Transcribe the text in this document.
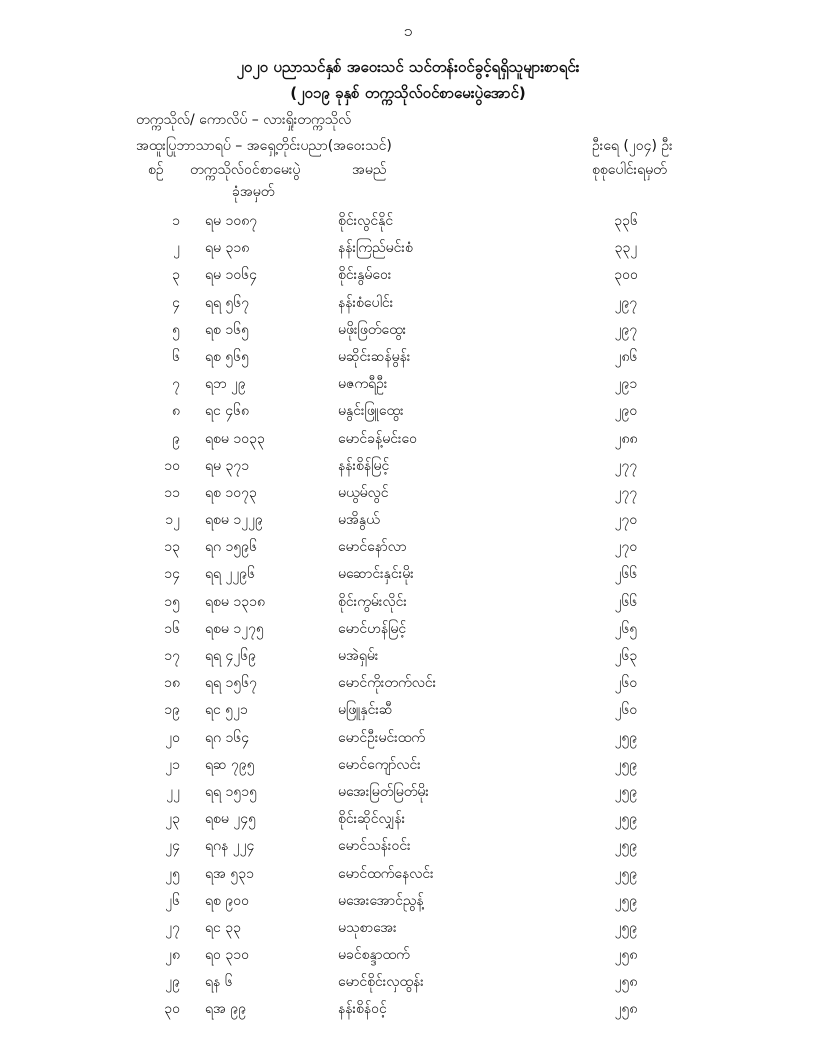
၁
၂၀၂၀ ပညာသင်နှစ် အဝေးသင် သင်တန်းဝင်ခွင့်ရရှိသူများစာရင်း
(၂၀၁၉ ခုနှစ် တက္ကသိုလ်ဝင်စာမေးပွဲအောင်)
တက္ကသိုလ်/ ကောလိပ် – လားရှိုးတက္ကသိုလ်
အထူးပြုဘာသာရပ် – အရှေ့တိုင်းပညာ(အဝေးသင်)	ဦးရေ (၂၀၄) ဦး
စဉ် တက္ကသိုလ်ဝင်စာမေးပွဲ
ခုံအမှတ်
အမည်	စုစုပေါင်းရမှတ်
၁ ရမ ၁၀၈၇	စိုင်းလွင်နိုင်	၃၃၆
၂ ရမ ၃၁၈	နန်းကြည်မင်းစံ	၃၃၂
၃ ရမ ၁၀၆၄	စိုင်းနွမ်ဝေး	၃၀၀
၄ ရရ ၅၆၇	နန်းစံပေါင်း	၂၉၇
၅ ရစ ၁၆၅	မဖိုးဖြတ်ထွေး	၂၉၇
၆ ရစ ၅၆၅	မဆိုင်းဆန်မွန်း	၂၈၆
၇ ရဘ ၂၉	မဇကရီဦး	၂၉၁
၈ ရင ၄၆၈	မနွင်းဖြူထွေး	၂၉၀
၉ ရစမ ၁၀၃၃	မောင်ခန့်မင်းဝေ	၂၈၈
၁၀ ရမ ၃၇၁	နန်းစိန်မြင့်	၂၇၇
၁၁ ရစ ၁၀၇၃	မယွမ်လွင်	၂၇၇
၁၂ ရစမ ၁၂၂၉	မအိနွယ်	၂၇၀
၁၃ ရဂ ၁၅၉၆	မောင်နော်လာ	၂၇၀
၁၄ ရရ ၂၂၉၆	မဆောင်းနှင်းမိုး	၂၆၆
၁၅ ရစမ ၁၃၁၈	စိုင်းကွမ်းလိုင်း	၂၆၆
၁၆ ရစမ ၁၂၇၅	မောင်ဟန်မြင့်	၂၆၅
၁၇ ရရ ၄၂၆၉	မအဲရှမ်း	၂၆၃
၁၈ ရရ ၁၅၆၇	မောင်ကိုးတက်လင်း	၂၆၀
၁၉ ရင ၅၂၁	မဖြူနှင်းဆီ	၂၆၀
၂၀ ရဂ ၁၆၄	မောင်ဦးမင်းထက်	၂၅၉
၂၁ ရဆ ၇၉၅	မောင်ကျော်လင်း	၂၅၉
၂၂ ရရ ၁၅၁၅	မအေးမြတ်မြတ်မိုး	၂၅၉
၂၃ ရစမ ၂၄၅	စိုင်းဆိုင်လျှန်း	၂၅၉
၂၄ ရဂန ၂၂၄	မောင်သန်းဝင်း	၂၅၉
၂၅ ရအ ၅၃၁	မောင်ထက်နေလင်း	၂၅၉
၂၆ ရစ ၉၀၀	မအေးအောင်ညွန့်	၂၅၉
၂၇ ရင ၃၃	မသုစာအေး	၂၅၉
၂၈ ရဝ ၃၁၀	မခင်စန္ဒာထက်	၂၅၈
၂၉ ရန ၆	မောင်စိုင်းလှထွန်း	၂၅၈
၃၀ ရအ ၉၉	နန်းစိန်ဝင့်	၂၅၈
